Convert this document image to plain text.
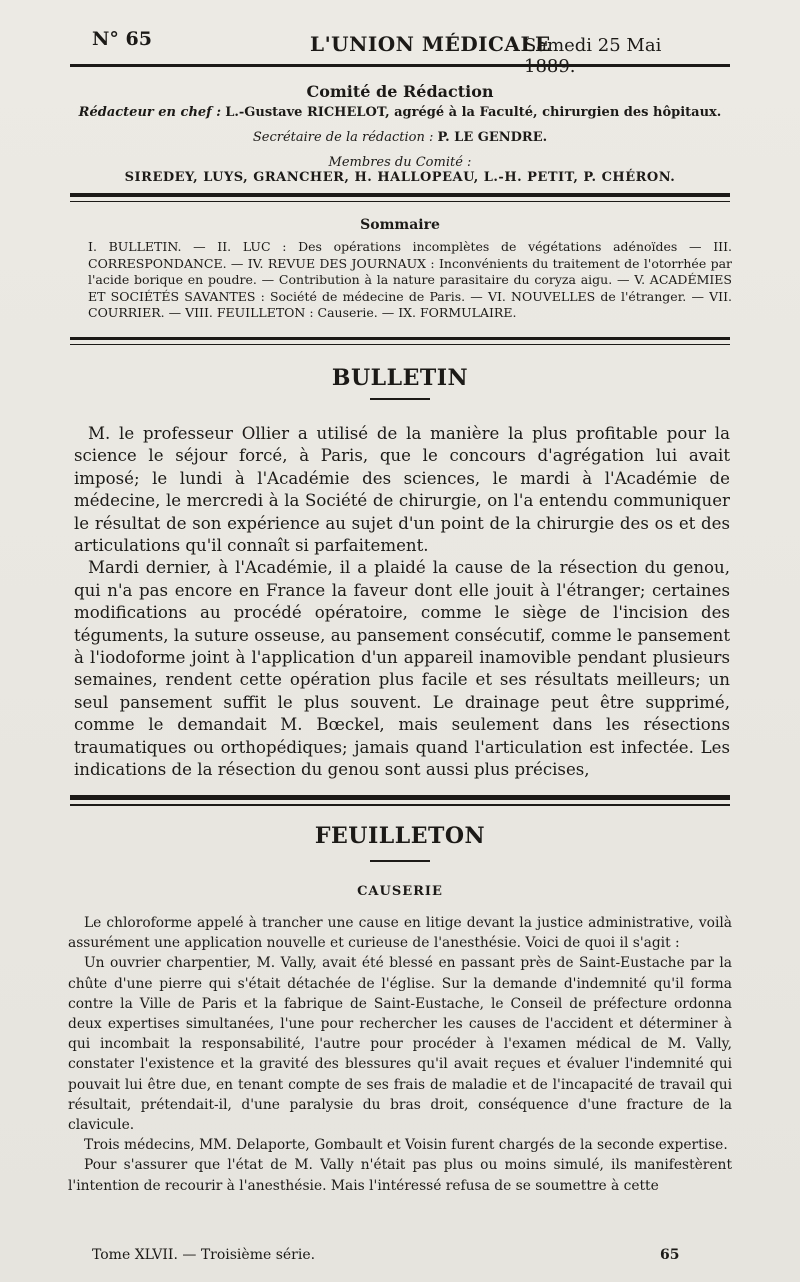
N° 65	L'UNION MÉDICALE
Samedi 25 Mai
Comité de Rédaction
Rédacteur en chef : L.-Gustave RICHELOT, agrégé à la Faculté, chirurgien des hôpitaux.
Secrétaire de la rédaction : P. LE GENDRE.
Membres du Comité :
SIREDEY, LUYS, GRANCHER, H. HALLOPEAU, L.-H. PETIT, P. CHÉRON.
Sommaire

I. BULLETIN. — II. LUC : Des opérations incomplètes de végétations adénoïdes — III. CORRESPONDANCE. — IV. REVUE DES JOURNAUX : Inconvénients du traitement de l'otorrhée par l'acide borique en poudre. — Contribution à la nature parasitaire du coryza aigu. — V. ACADÉMIES ET SOCIÉTÉS SAVANTES : Société de médecine de Paris. — VI. NOUVELLES de l'étranger. — VII. COURRIER. — VIII. FEUILLETON : Causerie. — IX. FORMULAIRE.

BULLETIN

M. le professeur Ollier a utilisé de la manière la plus profitable pour la science le séjour forcé, à Paris, que le concours d'agrégation lui avait imposé; le lundi à l'Académie des sciences, le mardi à l'Académie de médecine, le mercredi à la Société de chirurgie, on l'a entendu communiquer le résultat de son expérience au sujet d'un point de la chirurgie des os et des articulations qu'il connaît si parfaitement.

Mardi dernier, à l'Académie, il a plaidé la cause de la résection du genou, qui n'a pas encore en France la faveur dont elle jouit à l'étranger; certaines modifications au procédé opératoire, comme le siège de l'incision des téguments, la suture osseuse, au pansement consécutif, comme le pansement à l'iodoforme joint à l'application d'un appareil inamovible pendant plusieurs semaines, rendent cette opération plus facile et ses résultats meilleurs; un seul pansement suffit le plus souvent. Le drainage peut être supprimé, comme le demandait M. Bœckel, mais seulement dans les résections traumatiques ou orthopédiques; jamais quand l'articulation est infectée. Les indications de la résection du genou sont aussi plus précises,

FEUILLETON
CAUSERIE

Le chloroforme appelé à trancher une cause en litige devant la justice administrative, voilà assurément une application nouvelle et curieuse de l'anesthésie. Voici de quoi il s'agit :

Un ouvrier charpentier, M. Vally, avait été blessé en passant près de Saint-Eustache par la chûte d'une pierre qui s'était détachée de l'église. Sur la demande d'indemnité qu'il forma contre la Ville de Paris et la fabrique de Saint-Eustache, le Conseil de préfecture ordonna deux expertises simultanées, l'une pour rechercher les causes de l'accident et déterminer à qui incombait la responsabilité, l'autre pour procéder à l'examen médical de M. Vally, constater l'existence et la gravité des blessures qu'il avait reçues et évaluer l'indemnité qui pouvait lui être due, en tenant compte de ses frais de maladie et de l'incapacité de travail qui résultait, prétendait-il, d'une paralysie du bras droit, conséquence d'une fracture de la clavicule.

Trois médecins, MM. Delaporte, Gombault et Voisin furent chargés de la seconde expertise.

Pour s'assurer que l'état de M. Vally n'était pas plus ou moins simulé, ils manifestèrent l'intention de recourir à l'anesthésie. Mais l'intéressé refusa de se soumettre à cette

Tome XLVII. — Troisième série.	65
